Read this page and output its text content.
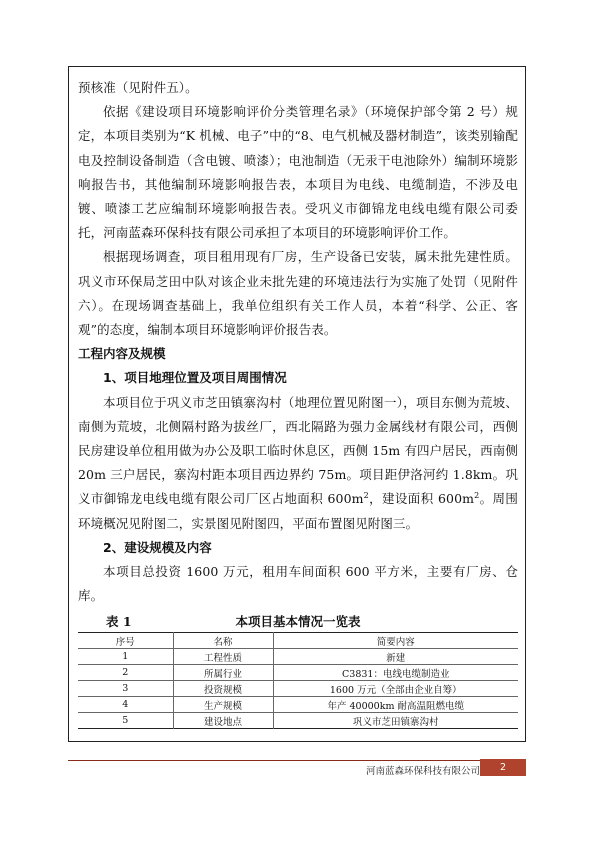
预核准（见附件五）。

依据《建设项目环境影响评价分类管理名录》（环境保护部令第 2 号）规定，本项目类别为“K 机械、电子”中的“8、电气机械及器材制造”，该类别输配电及控制设备制造（含电镀、喷漆）；电池制造（无汞干电池除外）编制环境影响报告书，其他编制环境影响报告表，本项目为电线、电缆制造，不涉及电镀、喷漆工艺应编制环境影响报告表。受巩义市御锦龙电线电缆有限公司委托，河南蓝森环保科技有限公司承担了本项目的环境影响评价工作。

根据现场调查，项目租用现有厂房，生产设备已安装，属未批先建性质。巩义市环保局芝田中队对该企业未批先建的环境违法行为实施了处罚（见附件六）。在现场调查基础上，我单位组织有关工作人员，本着“科学、公正、客观”的态度，编制本项目环境影响评价报告表。

工程内容及规模

1、项目地理位置及项目周围情况

本项目位于巩义市芝田镇寨沟村（地理位置见附图一），项目东侧为荒坡、南侧为荒坡，北侧隔村路为拔丝厂，西北隔路为强力金属线材有限公司，西侧民房建设单位租用做为办公及职工临时休息区，西侧 15m 有四户居民，西南侧 20m 三户居民，寨沟村距本项目西边界约 75m。项目距伊洛河约 1.8km。巩义市御锦龙电线电缆有限公司厂区占地面积 $600m^2$，建设面积 $600m^2$。周围环境概况见附图二，实景图见附图四，平面布置图见附图三。

2、建设规模及内容

本项目总投资 1600 万元，租用车间面积 600 平方米，主要有厂房、仓库。

表 1	本项目基本情况一览表
序号	名称	简要内容
1	工程性质	新建
2	所属行业	C3831：电线电缆制造业
3	投资规模	1600 万元（全部由企业自筹）
4	生产规模	年产 40000km 耐高温阻燃电缆
5	建设地点	巩义市芝田镇寨沟村
河南蓝森环保科技有限公司	2
